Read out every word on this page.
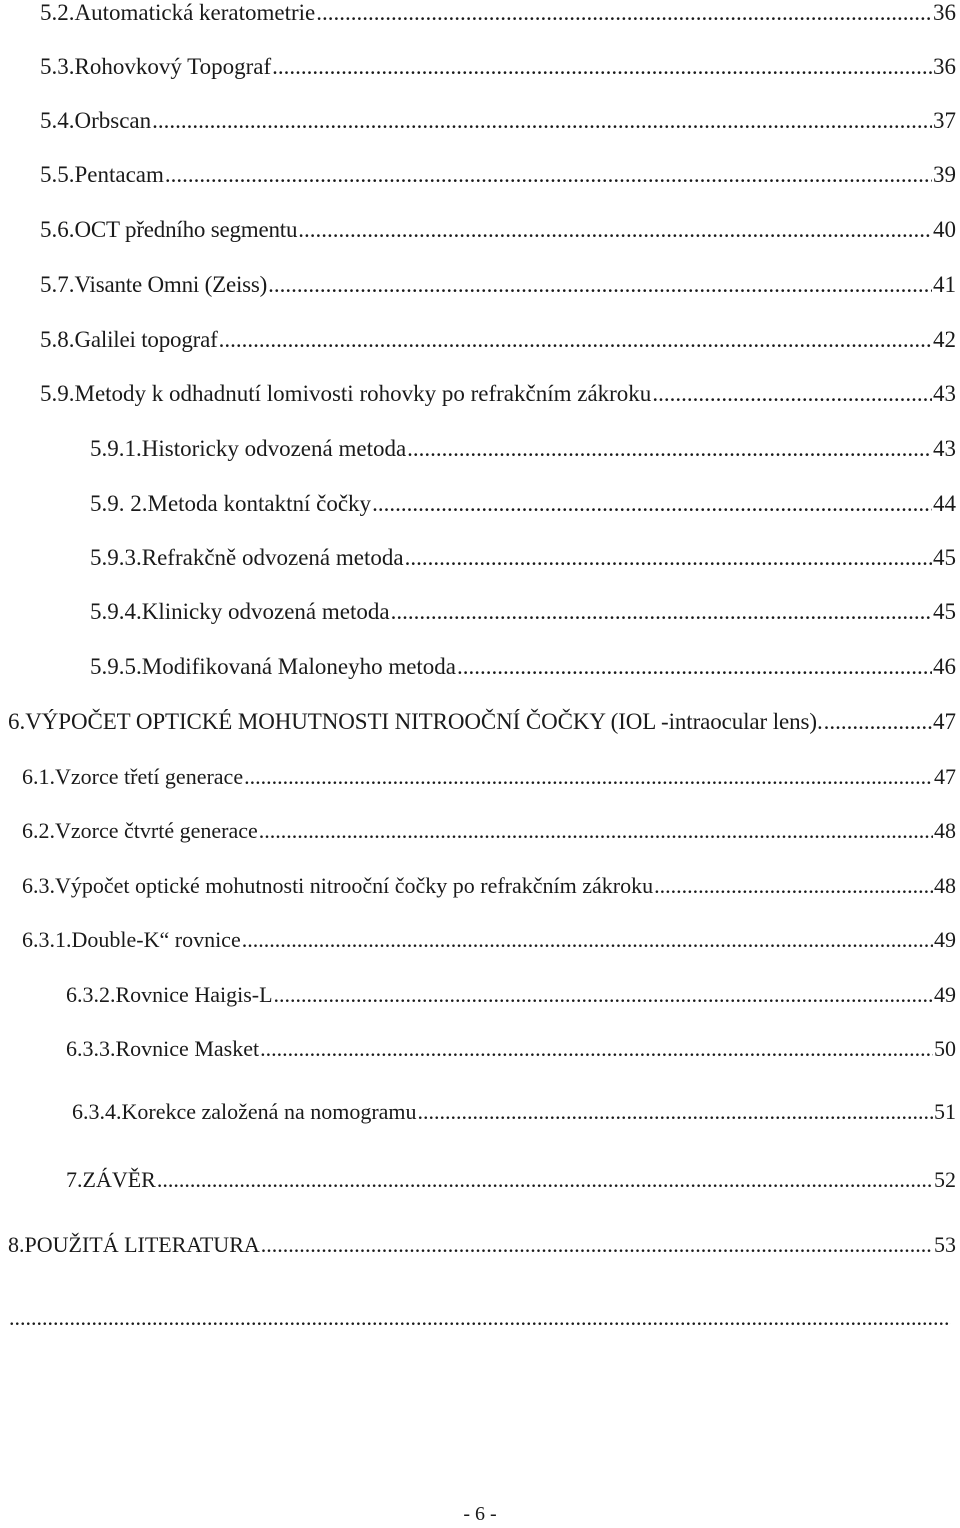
5.2. Automatická keratometrie .....	36
5.3. Rohovkový Topograf .....	36
5.4. Orbscan .....	37
5.5. Pentacam .....	39
5.6. OCT předního segmentu .....	40
5.7. Visante Omni (Zeiss) .....	41
5.8. Galilei topograf .....	42
5.9. Metody k odhadnutí lomivosti rohovky po refrakčním zákroku .....	43
5.9.1. Historicky odvozená metoda .....	43
5.9. 2. Metoda kontaktní čočky .....	44
5.9.3. Refrakčně odvozená metoda .....	45
5.9.4. Klinicky odvozená metoda .....	45
5.9.5. Modifikovaná Maloneyho metoda .....	46
6. VÝPOČET OPTICKÉ MOHUTNOSTI NITROOČNÍ ČOČKY (IOL -intraocular lens). .....	47
6.1. Vzorce třetí generace .....	47
6.2. Vzorce čtvrté generace .....	48
6.3. Výpočet optické mohutnosti nitrooční čočky po refrakčním zákroku .....	48
6.3.1. Double-K“ rovnice .....	49
6.3.2. Rovnice Haigis-L .....	49
6.3.3. Rovnice Masket .....	50
6.3.4. Korekce založená na nomogramu .....	51
7. ZÁVĚR .....	52
8. POUŽITÁ LITERATURA .....	53
.....
- 6 -
